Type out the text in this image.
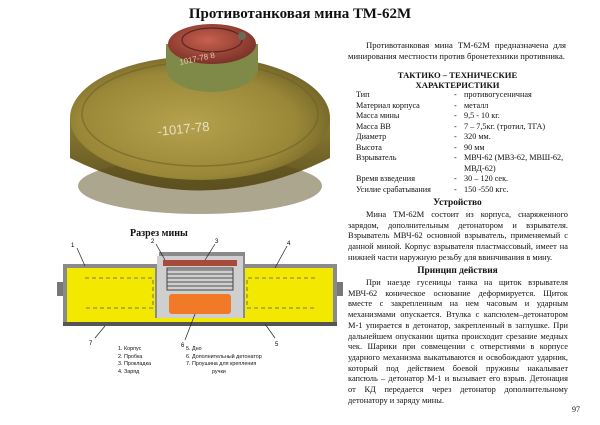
Противотанковая мина ТМ-62М
-1017-78
1017-78 8

Противотанковая мина ТМ-62М предназначена для минирования местности против бронетехники противника.

ТАКТИКО – ТЕХНИЧЕСКИЕ
ХАРАКТЕРИСТИКИ
Тип	-	противогусеничная
Материал корпуса	-	металл
Масса мины	-	9,5 - 10 кг.
Масса ВВ	-	7 – 7,5кг. (тротил, ТГА)
Диаметр	-	320 мм.
Высота	-	90 мм
Взрыватель	-	МВЧ-62 (МВЗ-62, МВШ-62, МВД-62)
Время взведения	-	30 – 120 сек.
Усилие срабатывания	-	150 -550 кгс.
Устройство

Мина ТМ-62М состоит из корпуса, снаряженного зарядом, дополнительным детонатором и взрывателя. Взрыватель МВЧ-62 основной взрыватель, применяемый с данной миной. Корпус взрывателя пластмассовый, имеет на нижней части наружную резьбу для ввинчивания в мину.

Принцип действия

При наезде гусеницы танка на щиток взрывателя МВЧ-62 коническое основание деформируется. Щиток вместе с закрепленным на нем часовым и ударным механизмами опускается. Втулка с капсюлем–детонатором М-1 упирается в детонатор, закрепленный в заглушке. При дальнейшем опускании щитка происходит срезание медных чек. Шарики при совмещении с отверстиями в корпусе ударного механизма выкатываются и освобождают ударник, который под действием боевой пружины накалывает капсюль – детонатор М-1 и вызывает его взрыв. Детонация от КД передается через детонатор дополнительному детонатору и заряду мины.

Разрез мины
1
2	3	4
5
6
7
1. Корпус
2. Пробка
3. Прокладка
4. Заряд
5. Дно
6. Дополнительный детонатор
7. Проушина для крепления
ручки
97
